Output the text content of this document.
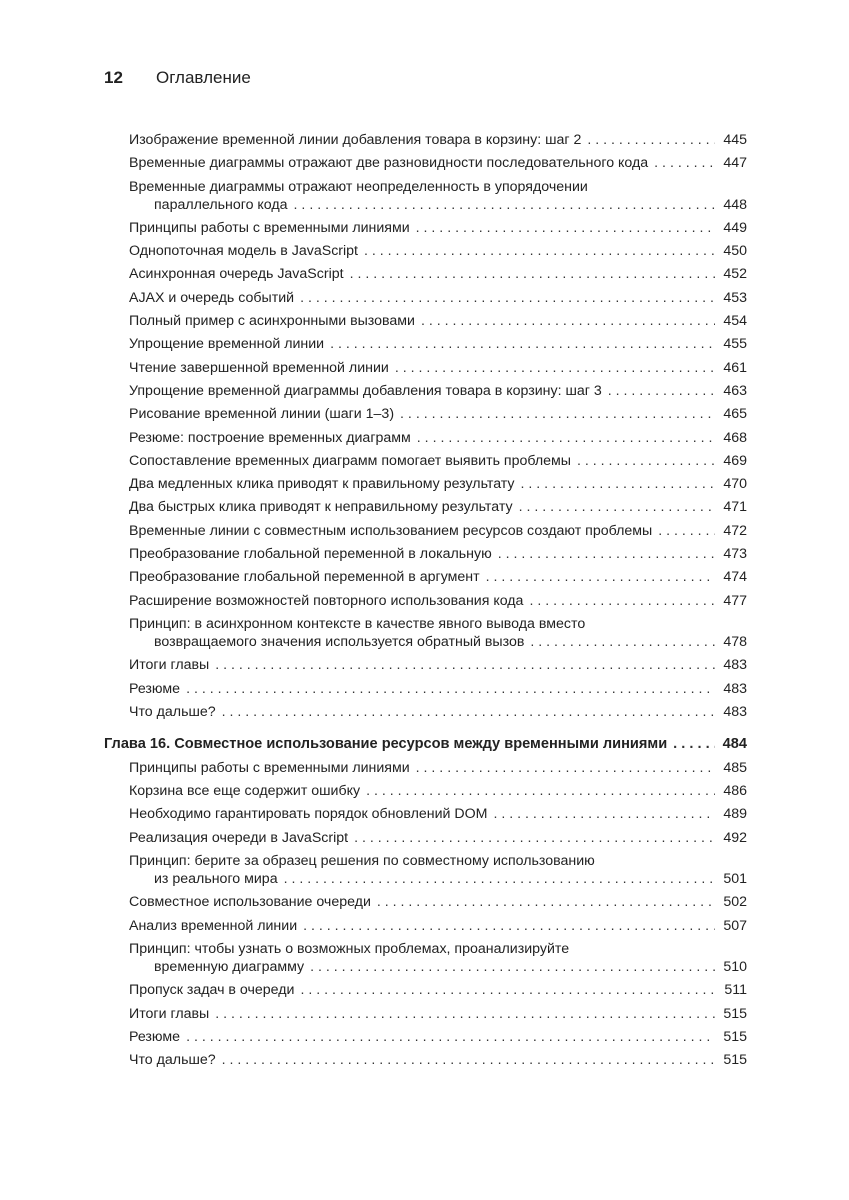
12	Оглавление
Изображение временной линии добавления товара в корзину: шаг 2 . . .	445
Временные диаграммы отражают две разновидности последовательного кода . . .	447
Временные диаграммы отражают неопределенность в упорядочении
параллельного кода . . .	448
Принципы работы с временными линиями . . .	449
Однопоточная модель в JavaScript . . .	450
Асинхронная очередь JavaScript . . .	452
AJAX и очередь событий . . .	453
Полный пример с асинхронными вызовами . . .	454
Упрощение временной линии . . .	455
Чтение завершенной временной линии . . .	461
Упрощение временной диаграммы добавления товара в корзину: шаг 3 . . .	463
Рисование временной линии (шаги 1–3) . . .	465
Резюме: построение временных диаграмм . . .	468
Сопоставление временных диаграмм помогает выявить проблемы . . .	469
Два медленных клика приводят к правильному результату . . .	470
Два быстрых клика приводят к неправильному результату . . .	471
Временные линии с совместным использованием ресурсов создают проблемы . . .	472
Преобразование глобальной переменной в локальную . . .	473
Преобразование глобальной переменной в аргумент . . .	474
Расширение возможностей повторного использования кода . . .	477
Принцип: в асинхронном контексте в качестве явного вывода вместо
возвращаемого значения используется обратный вызов . . .	478
Итоги главы . . .	483
Резюме . . .	483
Что дальше? . . .	483
Глава 16. Совместное использование ресурсов между временными линиями . . .	484
Принципы работы с временными линиями . . .	485
Корзина все еще содержит ошибку . . .	486
Необходимо гарантировать порядок обновлений DOM . . .	489
Реализация очереди в JavaScript . . .	492
Принцип: берите за образец решения по совместному использованию
из реального мира . . .	501
Совместное использование очереди . . .	502
Анализ временной линии . . .	507
Принцип: чтобы узнать о возможных проблемах, проанализируйте
временную диаграмму . . .	510
Пропуск задач в очереди . . .	511
Итоги главы . . .	515
Резюме . . .	515
Что дальше? . . .	515
